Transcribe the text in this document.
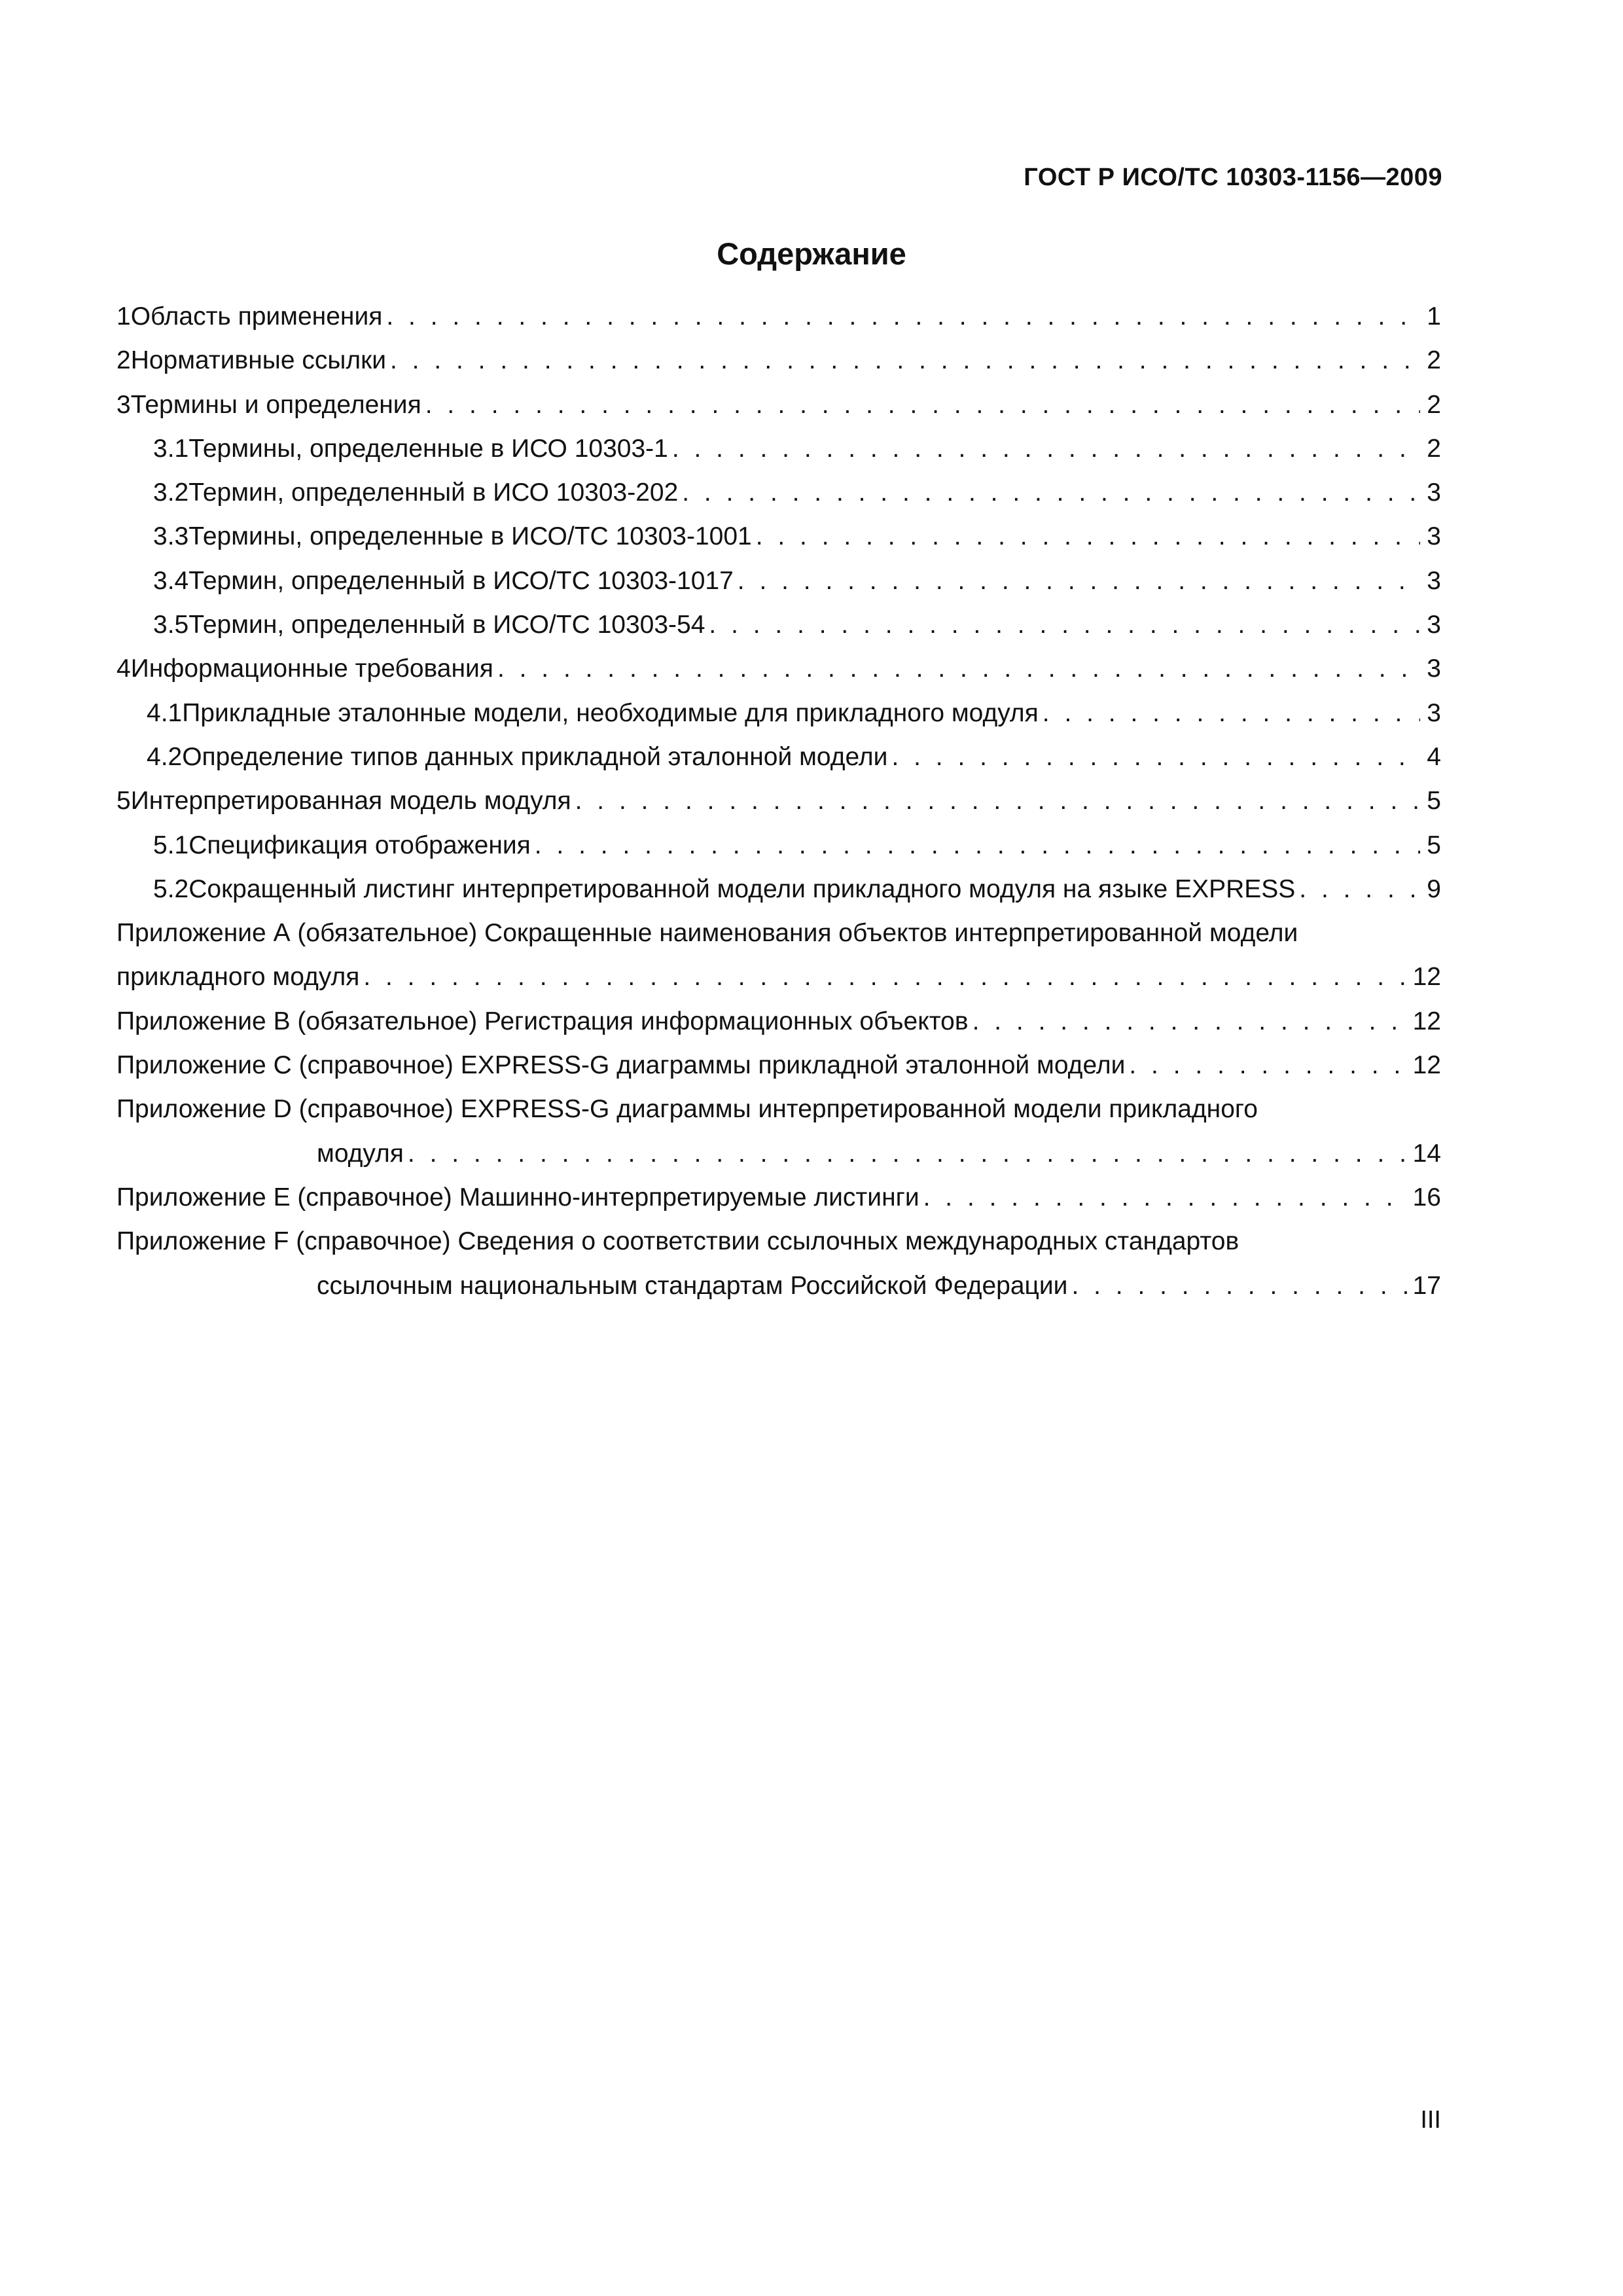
ГОСТ Р ИСО/ТС 10303-1156—2009
Содержание
1 Область применения . . .	1
2 Нормативные ссылки . . .	2
3 Термины и определения . . .	2
3.1 Термины, определенные в ИСО 10303-1 . . .	2
3.2 Термин, определенный в ИСО 10303-202 . . .	3
3.3 Термины, определенные в ИСО/ТС 10303-1001 . . .	3
3.4 Термин, определенный в ИСО/ТС 10303-1017 . . .	3
3.5 Термин, определенный в ИСО/ТС 10303-54 . . .	3
4 Информационные требования . . .	3
4.1 Прикладные эталонные модели, необходимые для прикладного модуля . . .	3
4.2 Определение типов данных прикладной эталонной модели . . .	4
5 Интерпретированная модель модуля . . .	5
5.1 Спецификация отображения . . .	5
5.2 Сокращенный листинг интерпретированной модели прикладного модуля на языке EXPRESS . . .	9
Приложение А (обязательное) Сокращенные наименования объектов интерпретированной модели
прикладного модуля . . .	12
Приложение В (обязательное) Регистрация информационных объектов . . .	12
Приложение С (справочное) EXPRESS-G диаграммы прикладной эталонной модели . . .	12
Приложение D (справочное) EXPRESS-G диаграммы интерпретированной модели прикладного
модуля . . .	14
Приложение Е (справочное) Машинно-интерпретируемые листинги . . .	16
Приложение F (справочное) Сведения о соответствии ссылочных международных стандартов
ссылочным национальным стандартам Российской Федерации . . .	17
III
